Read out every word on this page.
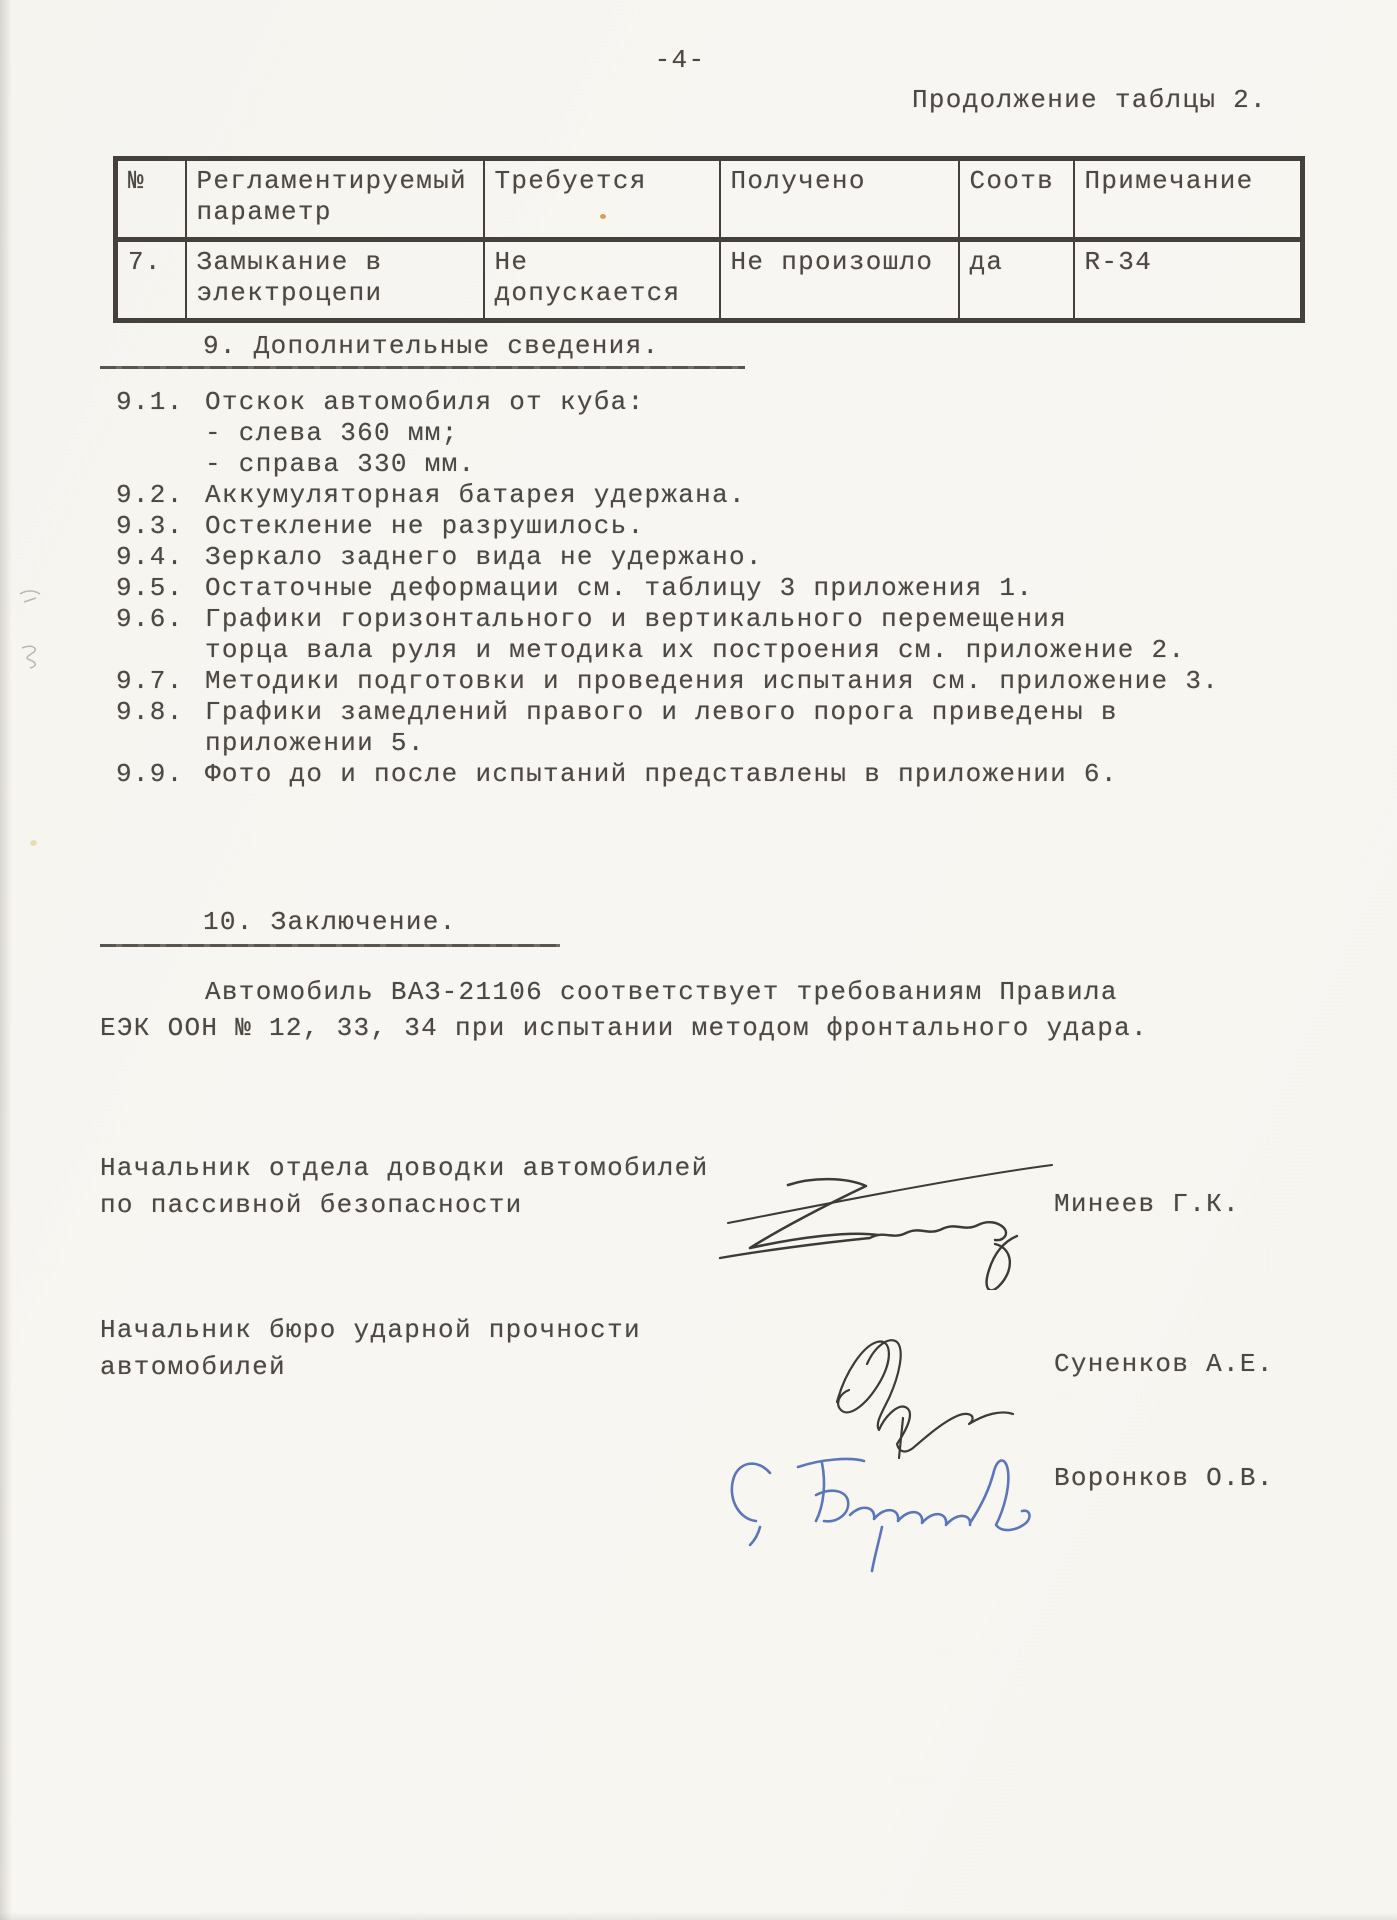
-4-
Продолжение таблцы 2.
№	Регламентируемый параметр	Требуется	Получено	Соотв	Примечание
7.	Замыкание в электроцепи	Не допускается	Не произошло	да	R-34
9. Дополнительные сведения.
9.1. Отскок автомобиля от куба:
- слева 360 мм;
- справа 330 мм.
9.2. Аккумуляторная батарея удержана.
9.3. Остекление не разрушилось.
9.4. Зеркало заднего вида не удержано.
9.5. Остаточные деформации см. таблицу 3 приложения 1.
9.6. Графики горизонтального и вертикального перемещения
торца вала руля и методика их построения см. приложение 2.
9.7. Методики подготовки и проведения испытания см. приложение 3.
9.8. Графики замедлений правого и левого порога приведены в
приложении 5.
9.9. Фото до и после испытаний представлены в приложении 6.
10. Заключение.
Автомобиль ВАЗ-21106 соответствует требованиям Правила
ЕЭК ООН № 12, 33, 34 при испытании методом фронтального удара.
Начальник отдела доводки автомобилей
по пассивной безопасности	Минеев Г.К.
Начальник бюро ударной прочности
автомобилей	Суненков А.Е.
Воронков О.В.
